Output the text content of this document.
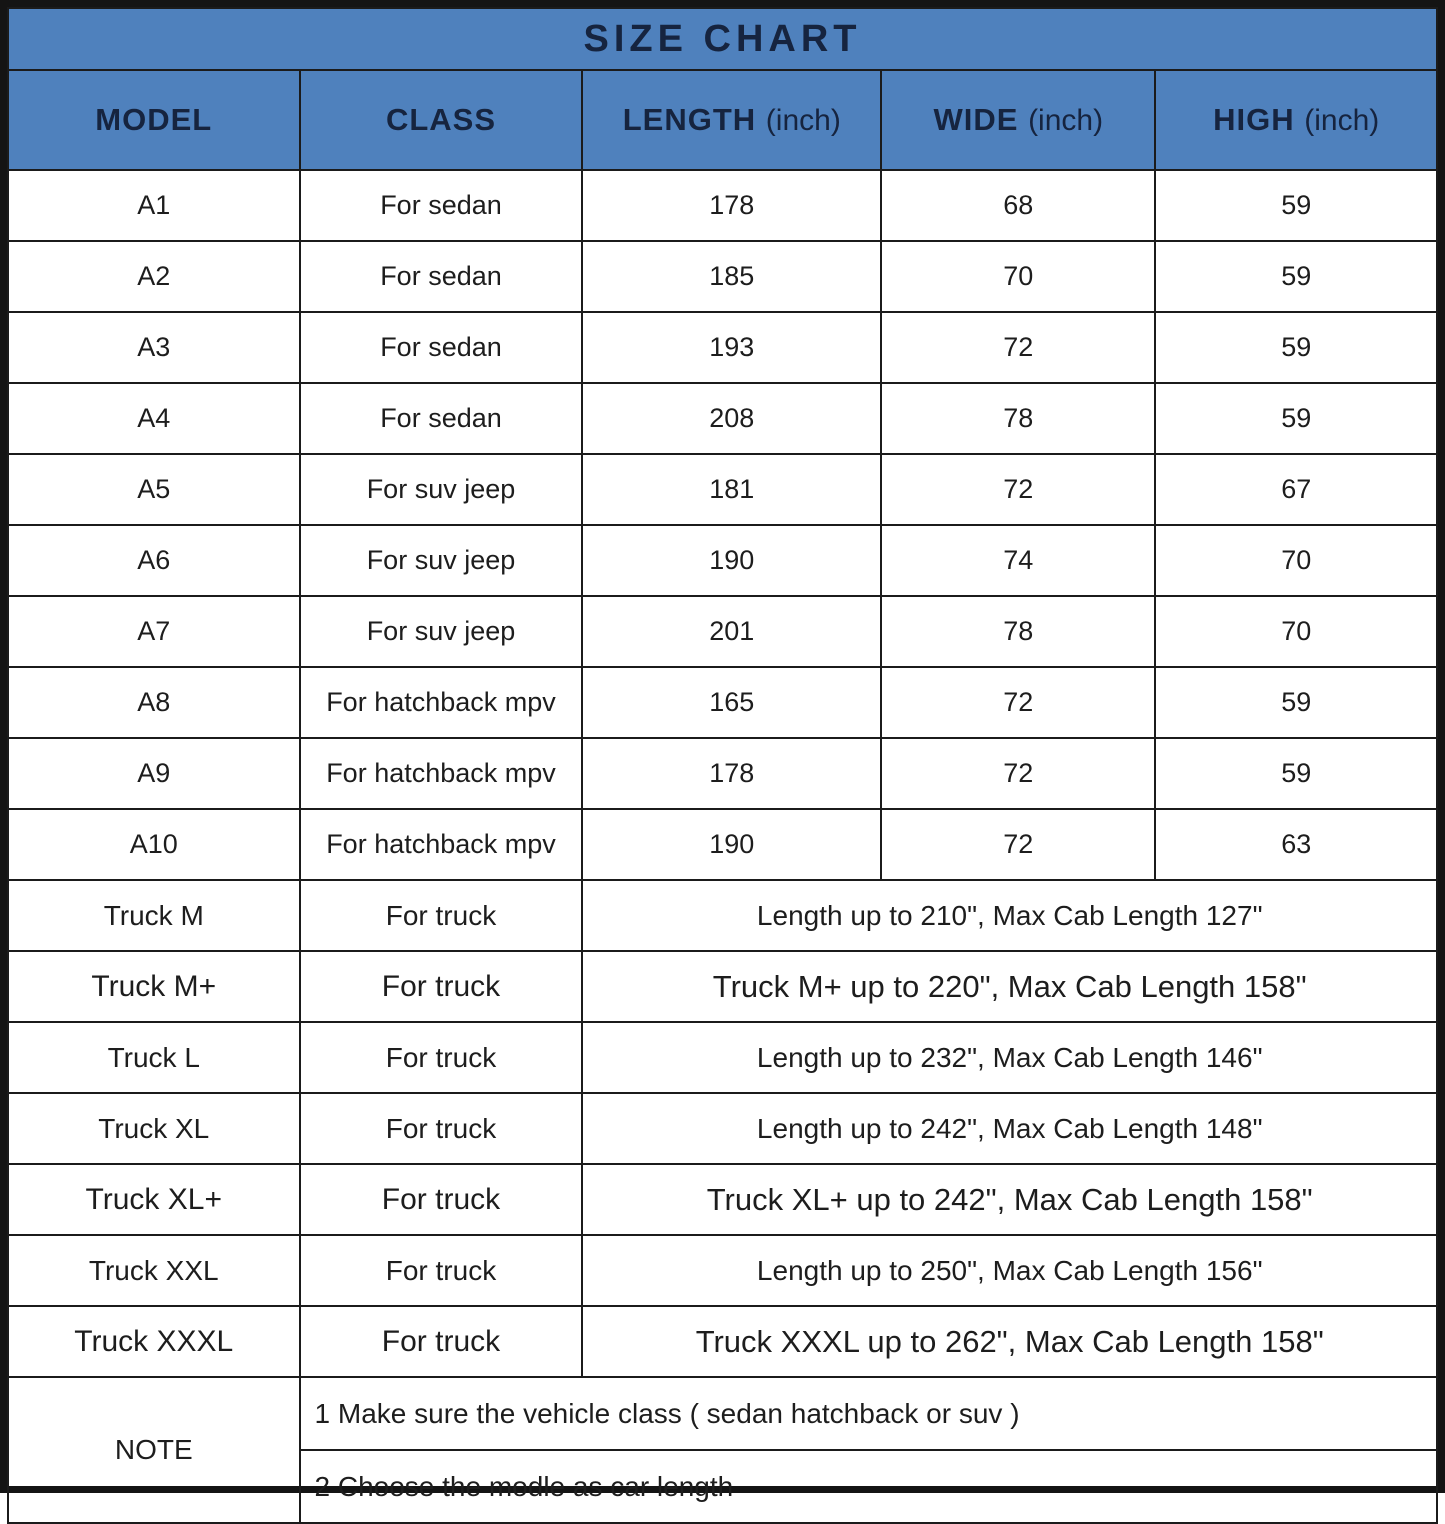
SIZE CHART				
MODEL	CLASS	LENGTH (inch)	WIDE (inch)	HIGH (inch)
A1	For sedan	178	68	59
A2	For sedan	185	70	59
A3	For sedan	193	72	59
A4	For sedan	208	78	59
A5	For suv jeep	181	72	67
A6	For suv jeep	190	74	70
A7	For suv jeep	201	78	70
A8	For hatchback mpv	165	72	59
A9	For hatchback mpv	178	72	59
A10	For hatchback mpv	190	72	63
Truck M	For truck	Length up to 210", Max Cab Length 127"		
Truck M+	For truck	Truck M+ up to 220", Max Cab Length 158"		
Truck L	For truck	Length up to 232", Max Cab Length 146"		
Truck XL	For truck	Length up to 242", Max Cab Length 148"		
Truck XL+	For truck	Truck XL+ up to 242", Max Cab Length 158"		
Truck XXL	For truck	Length up to 250", Max Cab Length 156"		
Truck XXXL	For truck	Truck XXXL up to 262", Max Cab Length 158"		
NOTE	1 Make sure the vehicle class ( sedan hatchback or suv )			
	2 Choose the modle as car length			
